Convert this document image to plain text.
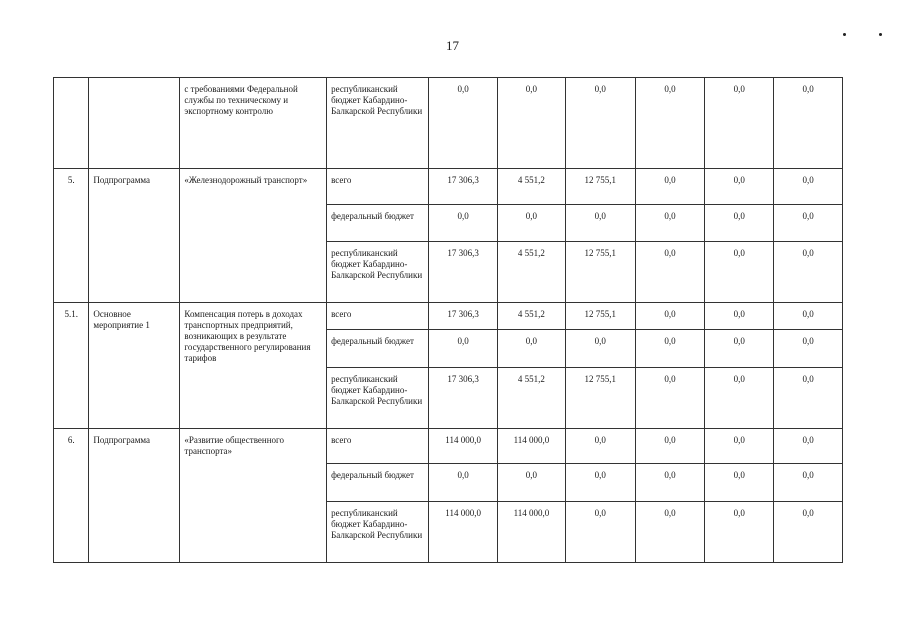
17
		с требованиями Федеральной службы по техническому и экспортному контролю	республиканский бюджет Кабардино-Балкарской Республики	0,0	0,0	0,0	0,0	0,0	0,0
5.	Подпрограмма	«Железнодорожный транспорт»	всего	17 306,3	4 551,2	12 755,1	0,0	0,0	0,0
			федеральный бюджет	0,0	0,0	0,0	0,0	0,0	0,0
			республиканский бюджет Кабардино-Балкарской Республики	17 306,3	4 551,2	12 755,1	0,0	0,0	0,0
5.1.	Основное мероприятие 1	Компенсация потерь в доходах транспортных предприятий, возникающих в результате государственного регулирования тарифов	всего	17 306,3	4 551,2	12 755,1	0,0	0,0	0,0
			федеральный бюджет	0,0	0,0	0,0	0,0	0,0	0,0
			республиканский бюджет Кабардино-Балкарской Республики	17 306,3	4 551,2	12 755,1	0,0	0,0	0,0
6.	Подпрограмма	«Развитие общественного транспорта»	всего	114 000,0	114 000,0	0,0	0,0	0,0	0,0
			федеральный бюджет	0,0	0,0	0,0	0,0	0,0	0,0
			республиканский бюджет Кабардино-Балкарской Республики	114 000,0	114 000,0	0,0	0,0	0,0	0,0
